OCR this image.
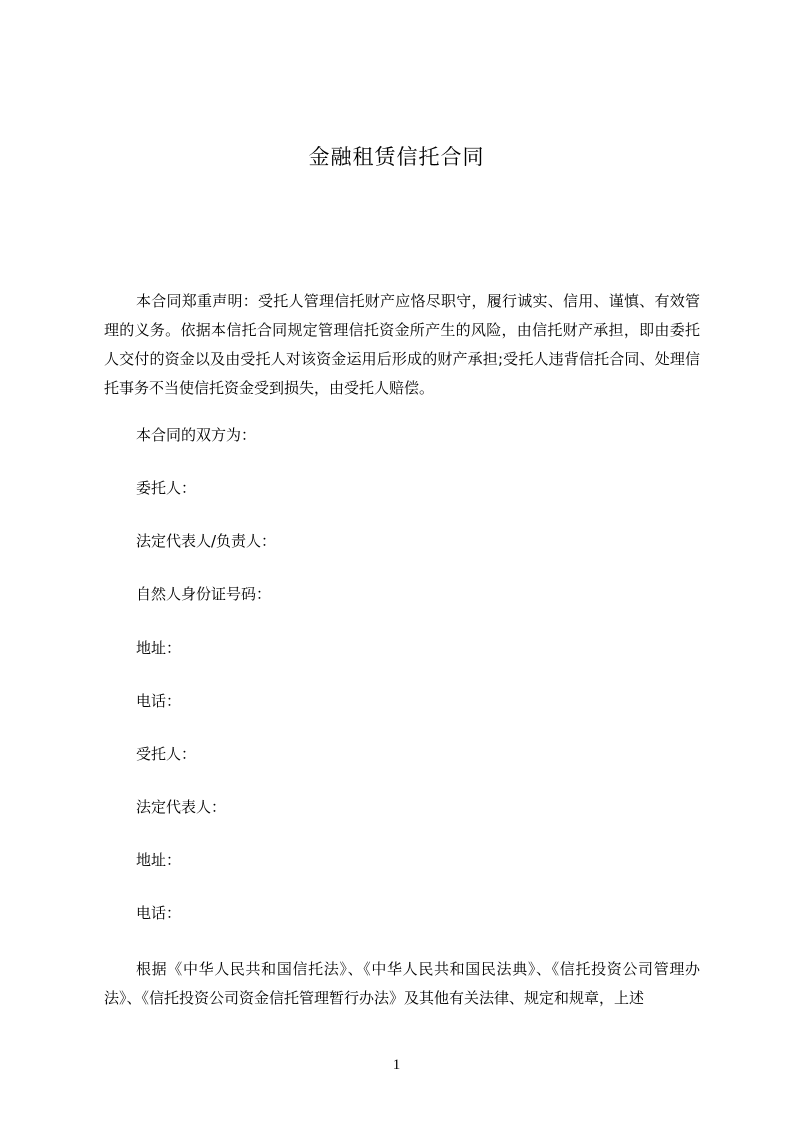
金融租赁信托合同

本合同郑重声明：受托人管理信托财产应恪尽职守，履行诚实、信用、谨慎、有效管理的义务。依据本信托合同规定管理信托资金所产生的风险，由信托财产承担，即由委托人交付的资金以及由受托人对该资金运用后形成的财产承担;受托人违背信托合同、处理信托事务不当使信托资金受到损失，由受托人赔偿。

本合同的双方为：

委托人：

法定代表人/负责人：

自然人身份证号码：

地址：

电话：

受托人：

法定代表人：

地址：

电话：

根据《中华人民共和国信托法》、《中华人民共和国民法典》、《信托投资公司管理办法》、《信托投资公司资金信托管理暂行办法》及其他有关法律、规定和规章，上述

1
